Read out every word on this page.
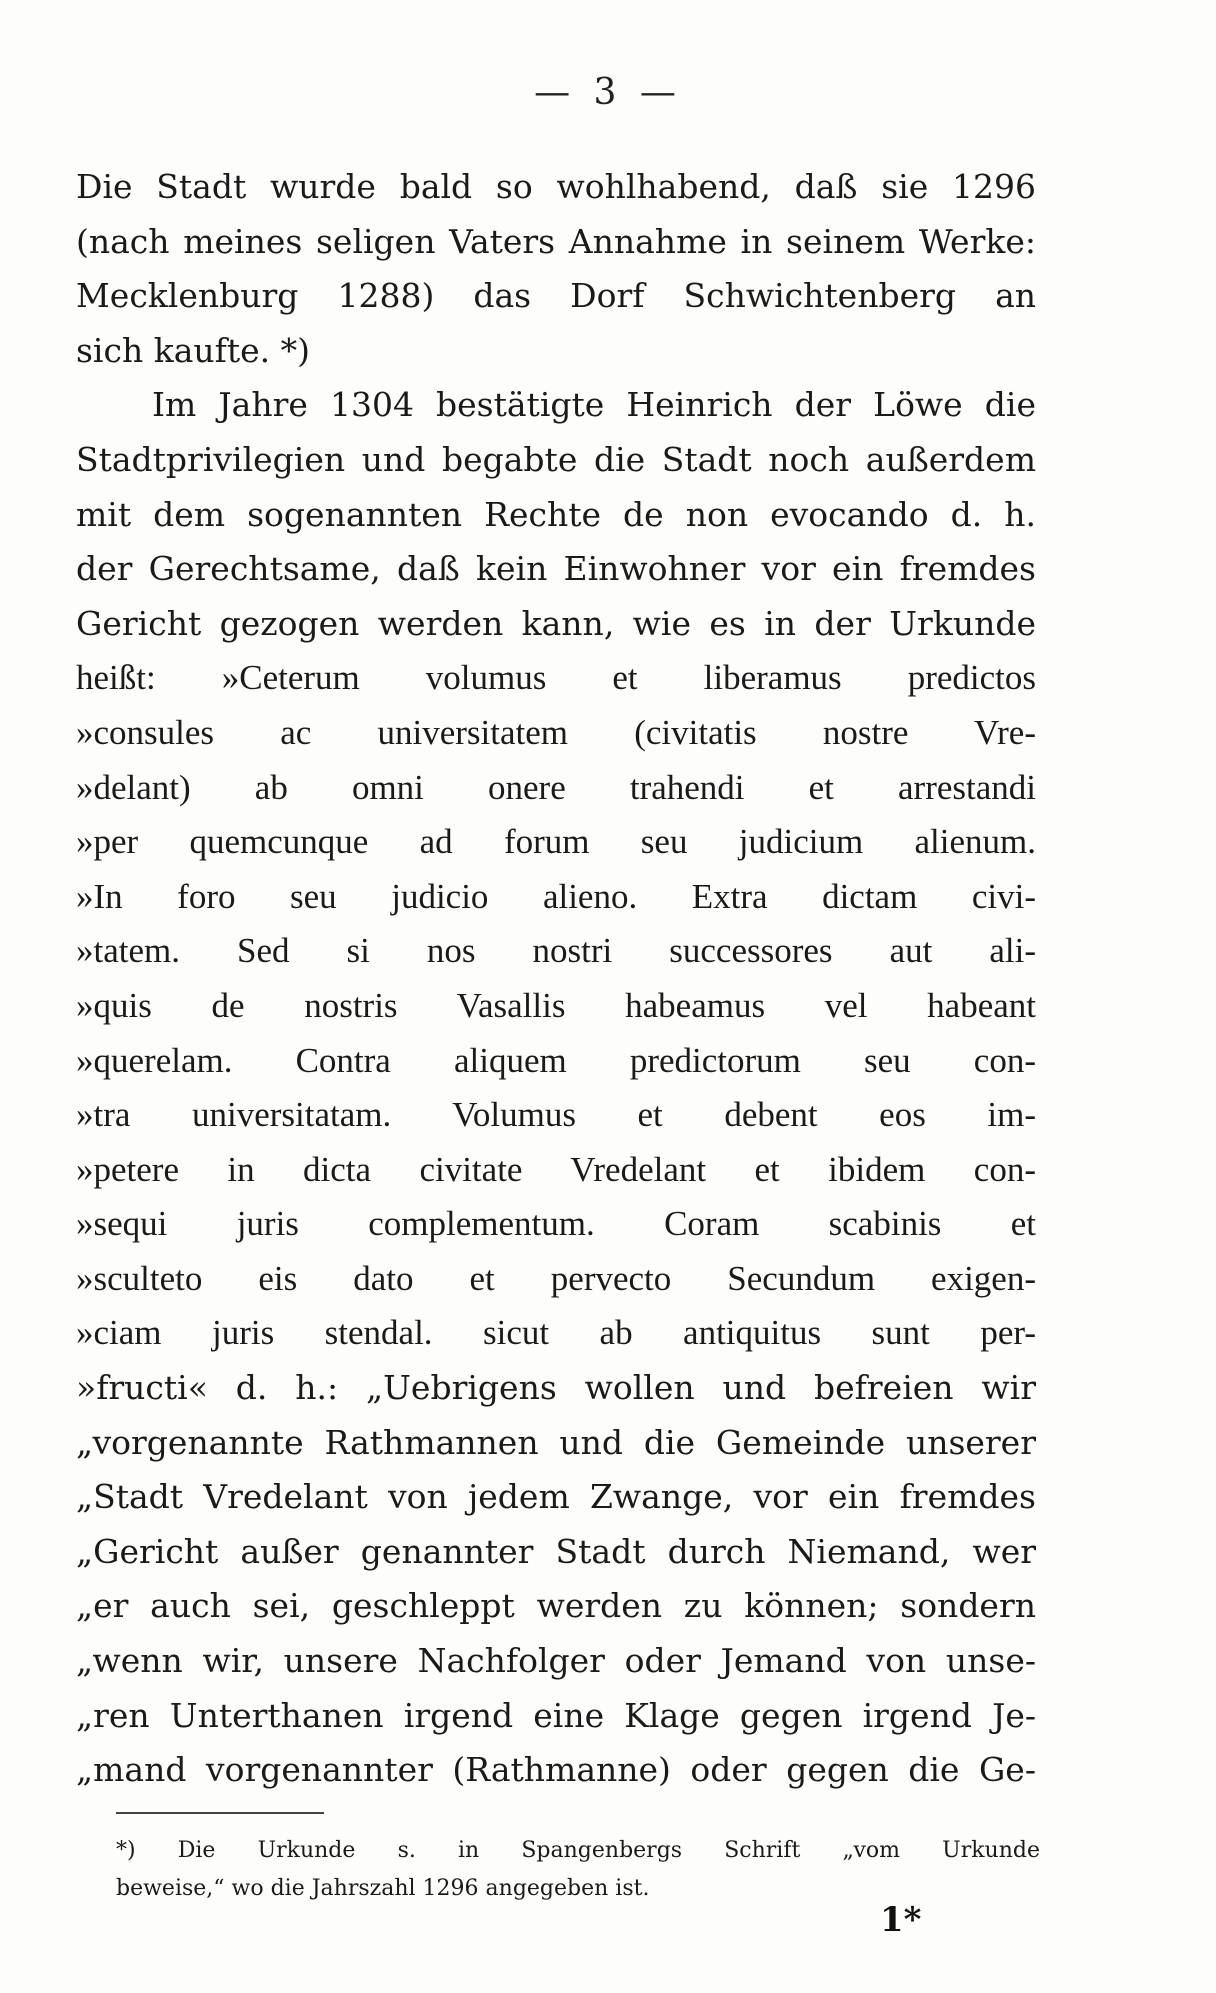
— 3 —
Die Stadt wurde bald so wohlhabend, daß sie 1296
(nach meines seligen Vaters Annahme in seinem Werke:
Mecklenburg 1288) das Dorf Schwichtenberg an
sich kaufte. *)
Im Jahre 1304 bestätigte Heinrich der Löwe die
Stadtprivilegien und begabte die Stadt noch außerdem
mit dem sogenannten Rechte de non evocando d. h.
der Gerechtsame, daß kein Einwohner vor ein fremdes
Gericht gezogen werden kann, wie es in der Urkunde
heißt: »Ceterum volumus et liberamus predictos
»consules ac universitatem (civitatis nostre Vre-
»delant) ab omni onere trahendi et arrestandi
»per quemcunque ad forum seu judicium alienum.
»In foro seu judicio alieno. Extra dictam civi-
»tatem. Sed si nos nostri successores aut ali-
»quis de nostris Vasallis habeamus vel habeant
»querelam. Contra aliquem predictorum seu con-
»tra universitatam. Volumus et debent eos im-
»petere in dicta civitate Vredelant et ibidem con-
»sequi juris complementum. Coram scabinis et
»sculteto eis dato et pervecto Secundum exigen-
»ciam juris stendal. sicut ab antiquitus sunt per-
»fructi« d. h.: „Uebrigens wollen und befreien wir
„vorgenannte Rathmannen und die Gemeinde unserer
„Stadt Vredelant von jedem Zwange, vor ein fremdes
„Gericht außer genannter Stadt durch Niemand, wer
„er auch sei, geschleppt werden zu können; sondern
„wenn wir, unsere Nachfolger oder Jemand von unse-
„ren Unterthanen irgend eine Klage gegen irgend Je-
„mand vorgenannter (Rathmanne) oder gegen die Ge-
*) Die Urkunde s. in Spangenbergs Schrift „vom Urkunde
beweise,“ wo die Jahrszahl 1296 angegeben ist.
1*
